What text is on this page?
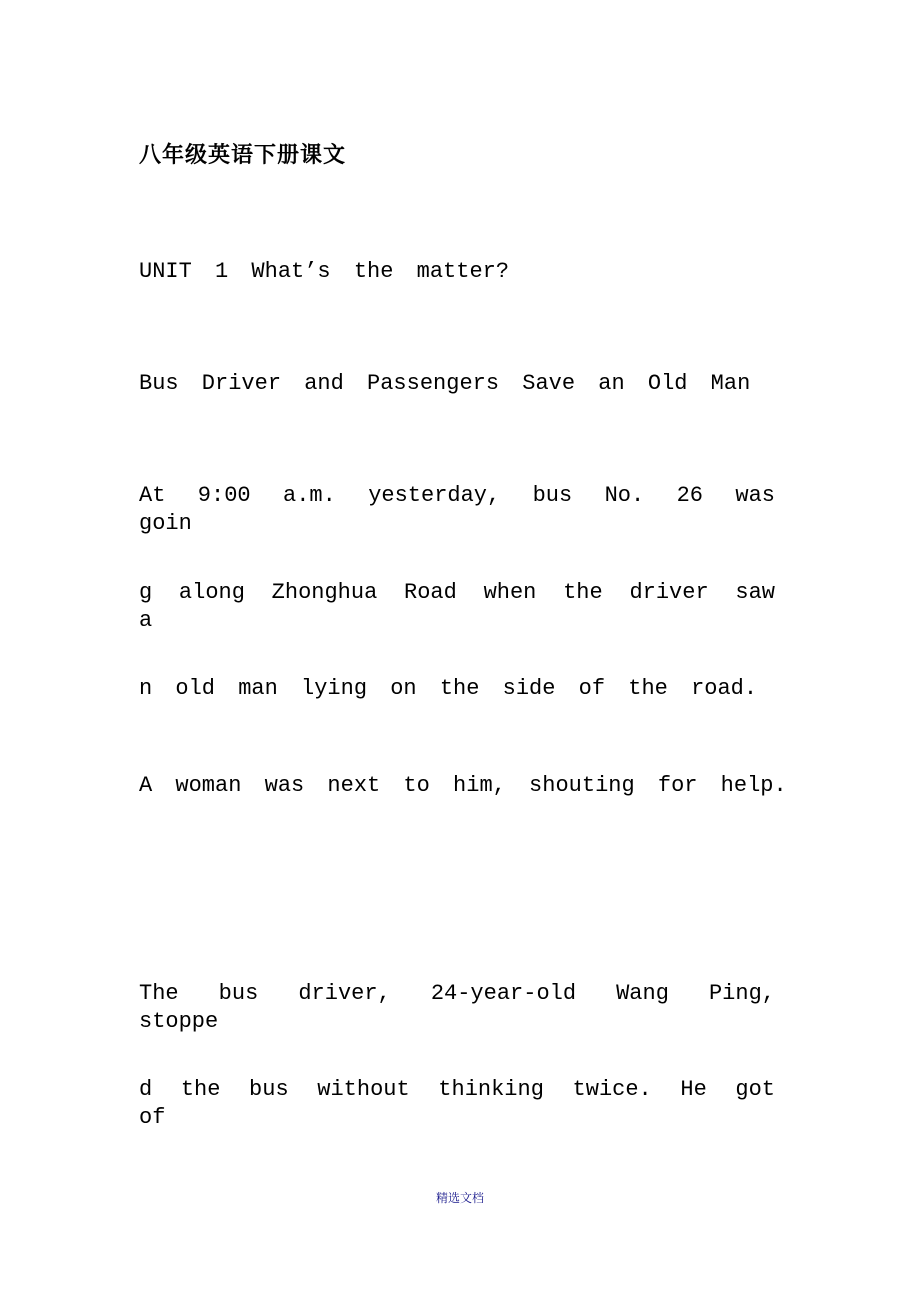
八年级英语下册课文
UNIT 1 What’s the matter?
Bus Driver and Passengers Save an Old Man
At 9:00 a.m. yesterday, bus No. 26 was goin
g along Zhonghua Road when the driver saw a
n old man lying on the side of the road.
A woman was next to him, shouting for help.
The bus driver, 24-year-old Wang Ping, stoppe
d the bus without thinking twice. He got of
精选文档
